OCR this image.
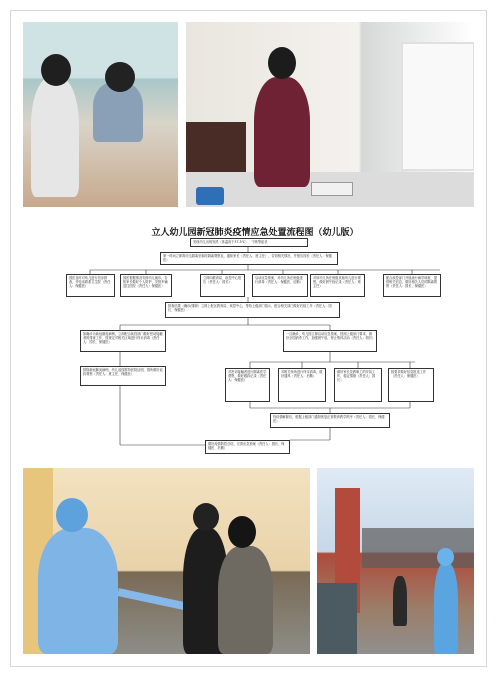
立人幼儿园新冠肺炎疫情应急处置流程图（幼儿版）
发现幼儿出现发热（体温高于37.3℃）、干咳等症状
第一时间立即将幼儿隔离至临时隔离观察室，通知家长（责任人：班主任），告知相关情况，并报告园长（责任人：保健医）
园医及时对幼儿进行初步排查，并电话联系卫生院（责任人：保健医）
园医根据情况安排幼儿就诊，告知家长做好个人防护，安排车辆送往医院（责任人：保健医）
立即向教育局、疾控中心报告（责任人：园长）
启动应急预案，对幼儿所在班级进行消毒（责任人：保健医、后勤）
对该幼儿所在班级其他幼儿进行观察，做好晨午检记录（责任人：班主任）
配合疾控部门开展流行病学调查，提供相关信息，做好相关人员的隔离观察（责任人：园长、保健医）
排查结果（确诊/排除）立即上报区教育局、疾控中心，等待上级部门指示，配合相关部门做好后续工作（责任人：园长、保健医）
如确诊为新冠肺炎病例，立即配合疾控部门做好密切接触者的排查工作，按规定对相关区域进行终末消毒（责任人：园长、保健医）
排除新冠肺炎病例，幼儿返园需持医院证明，园所做好追踪观察（责任人：班主任、保健医）
一旦确诊，幼儿园立即启动应急预案，按照上级部门要求，做好全园消杀工作，加强晨午检，停止集体活动（责任人：园长）
对密切接触者进行隔离医学观察，做好跟踪记录（责任人：保健医）
对相关场所进行终末消毒，做好通风（责任人：后勤）
做好家长及教职工的安抚工作，稳定情绪（责任人：园长）
按要求做好信息报送工作（责任人：保健医）
待疫情解除后，根据上级部门通知恢复正常教育教学秩序（责任人：园长、保健医）
做好疫情防控总结，完善应急预案（责任人：园长、保健医、后勤）
